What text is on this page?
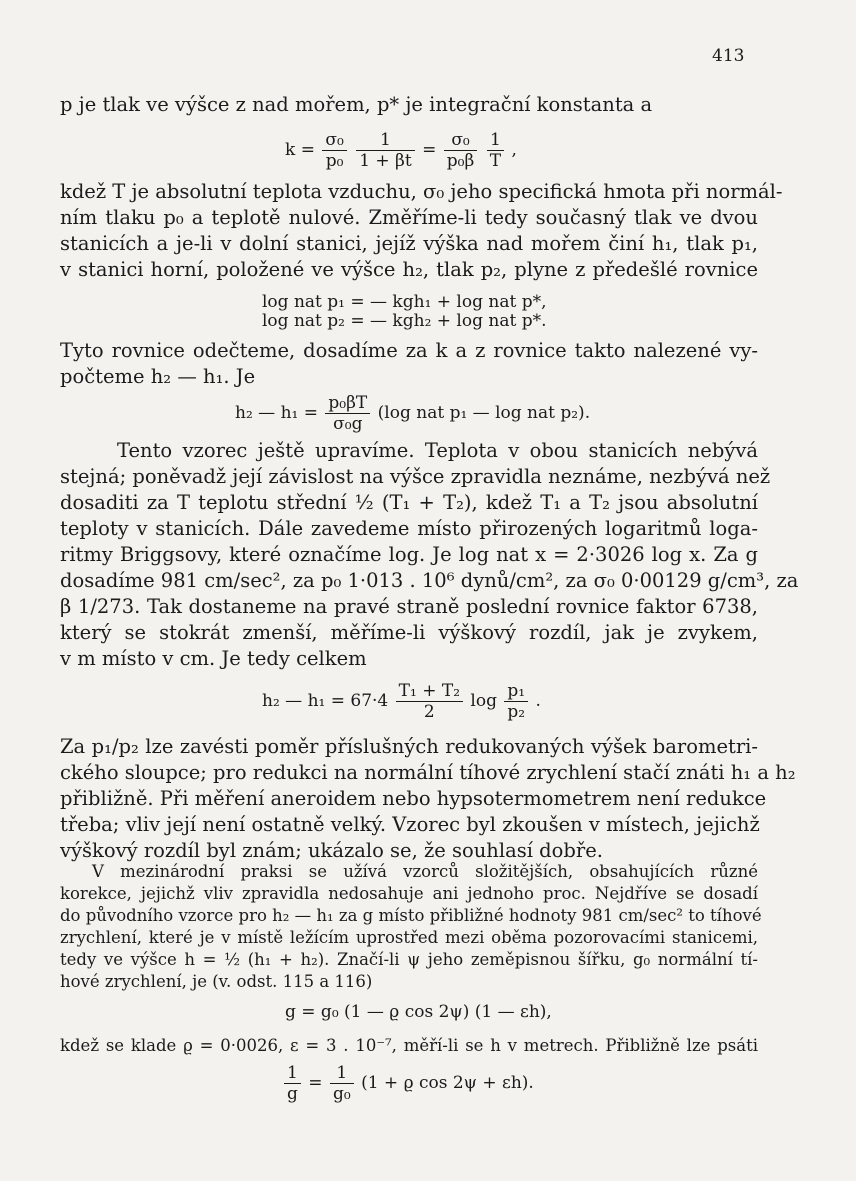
413
p je tlak ve výšce z nad mořem, p* je integrační konstanta a
$k = \frac{\text{σ₀}}{\text{p₀}}$
$\frac{1}{1 + \beta t} = \frac{\text{σ₀}}{\text{p₀β}}$
$\frac{1}{T}$ ,
kdež T je absolutní teplota vzduchu, σ₀ jeho specifická hmota při normál-
ním tlaku p₀ a teplotě nulové. Změříme-li tedy současný tlak ve dvou
stanicích a je-li v dolní stanici, jejíž výška nad mořem činí h₁, tlak p₁,
v stanici horní, položené ve výšce h₂, tlak p₂, plyne z předešlé rovnice
log nat p₁ = — kgh₁ + log nat p*,
log nat p₂ = — kgh₂ + log nat p*.
Tyto rovnice odečteme, dosadíme za k a z rovnice takto nalezené vy-
počteme h₂ — h₁. Je
h₂ — $h_1 = \frac{\text{p₀βT}}{\text{σ₀g}} (\log$ nat p₁ — log nat p₂).
Tento vzorec ještě upravíme. Teplota v obou stanicích nebývá
stejná; poněvadž její závislost na výšce zpravidla neznáme, nezbývá než
dosaditi za T teplotu střední ½ (T₁ + T₂), kdež T₁ a T₂ jsou absolutní
teploty v stanicích. Dále zavedeme místo přirozených logaritmů loga-
ritmy Briggsovy, které označíme log. Je log nat x = 2·3026 log x. Za g
dosadíme 981 cm/sec², za p₀ 1·013 . 10⁶ dynů/cm², za σ₀ 0·00129 g/cm³, za
β 1/273. Tak dostaneme na pravé straně poslední rovnice faktor 6738,
který se stokrát zmenší, měříme-li výškový rozdíl, jak je zvykem,
v m místo v cm. Je tedy celkem
h₂ — $h_1 = 67\cdot 4 \frac{\text{T₁ + T₂}}{2}$ $\log \frac{\text{p₁}}{\text{p₂}}$ .
Za p₁/p₂ lze zavésti poměr příslušných redukovaných výšek barometri-
ckého sloupce; pro redukci na normální tíhové zrychlení stačí znáti h₁ a h₂
přibližně. Při měření aneroidem nebo hypsotermometrem není redukce
třeba; vliv její není ostatně velký. Vzorec byl zkoušen v místech, jejichž
výškový rozdíl byl znám; ukázalo se, že souhlasí dobře.
V mezinárodní praksi se užívá vzorců složitějších, obsahujících různé
korekce, jejichž vliv zpravidla nedosahuje ani jednoho proc. Nejdříve se dosadí
do původního vzorce pro h₂ — h₁ za g místo přibližné hodnoty 981 cm/sec² to tíhové
zrychlení, které je v místě ležícím uprostřed mezi oběma pozorovacími stanicemi,
tedy ve výšce h = ½ (h₁ + h₂). Značí-li ψ jeho zeměpisnou šířku, g₀ normální tí-
hové zrychlení, je (v. odst. 115 a 116)
g = g₀ (1 — ϱ cos 2ψ) (1 — εh),
kdež se klade ϱ = 0·0026, ε = 3 . 10⁻⁷, měří-li se h v metrech. Přibližně lze psáti
$\frac{1}{g} = \frac{1}{\text{g₀}} (1 + ϱ$ cos 2ψ + εh).
